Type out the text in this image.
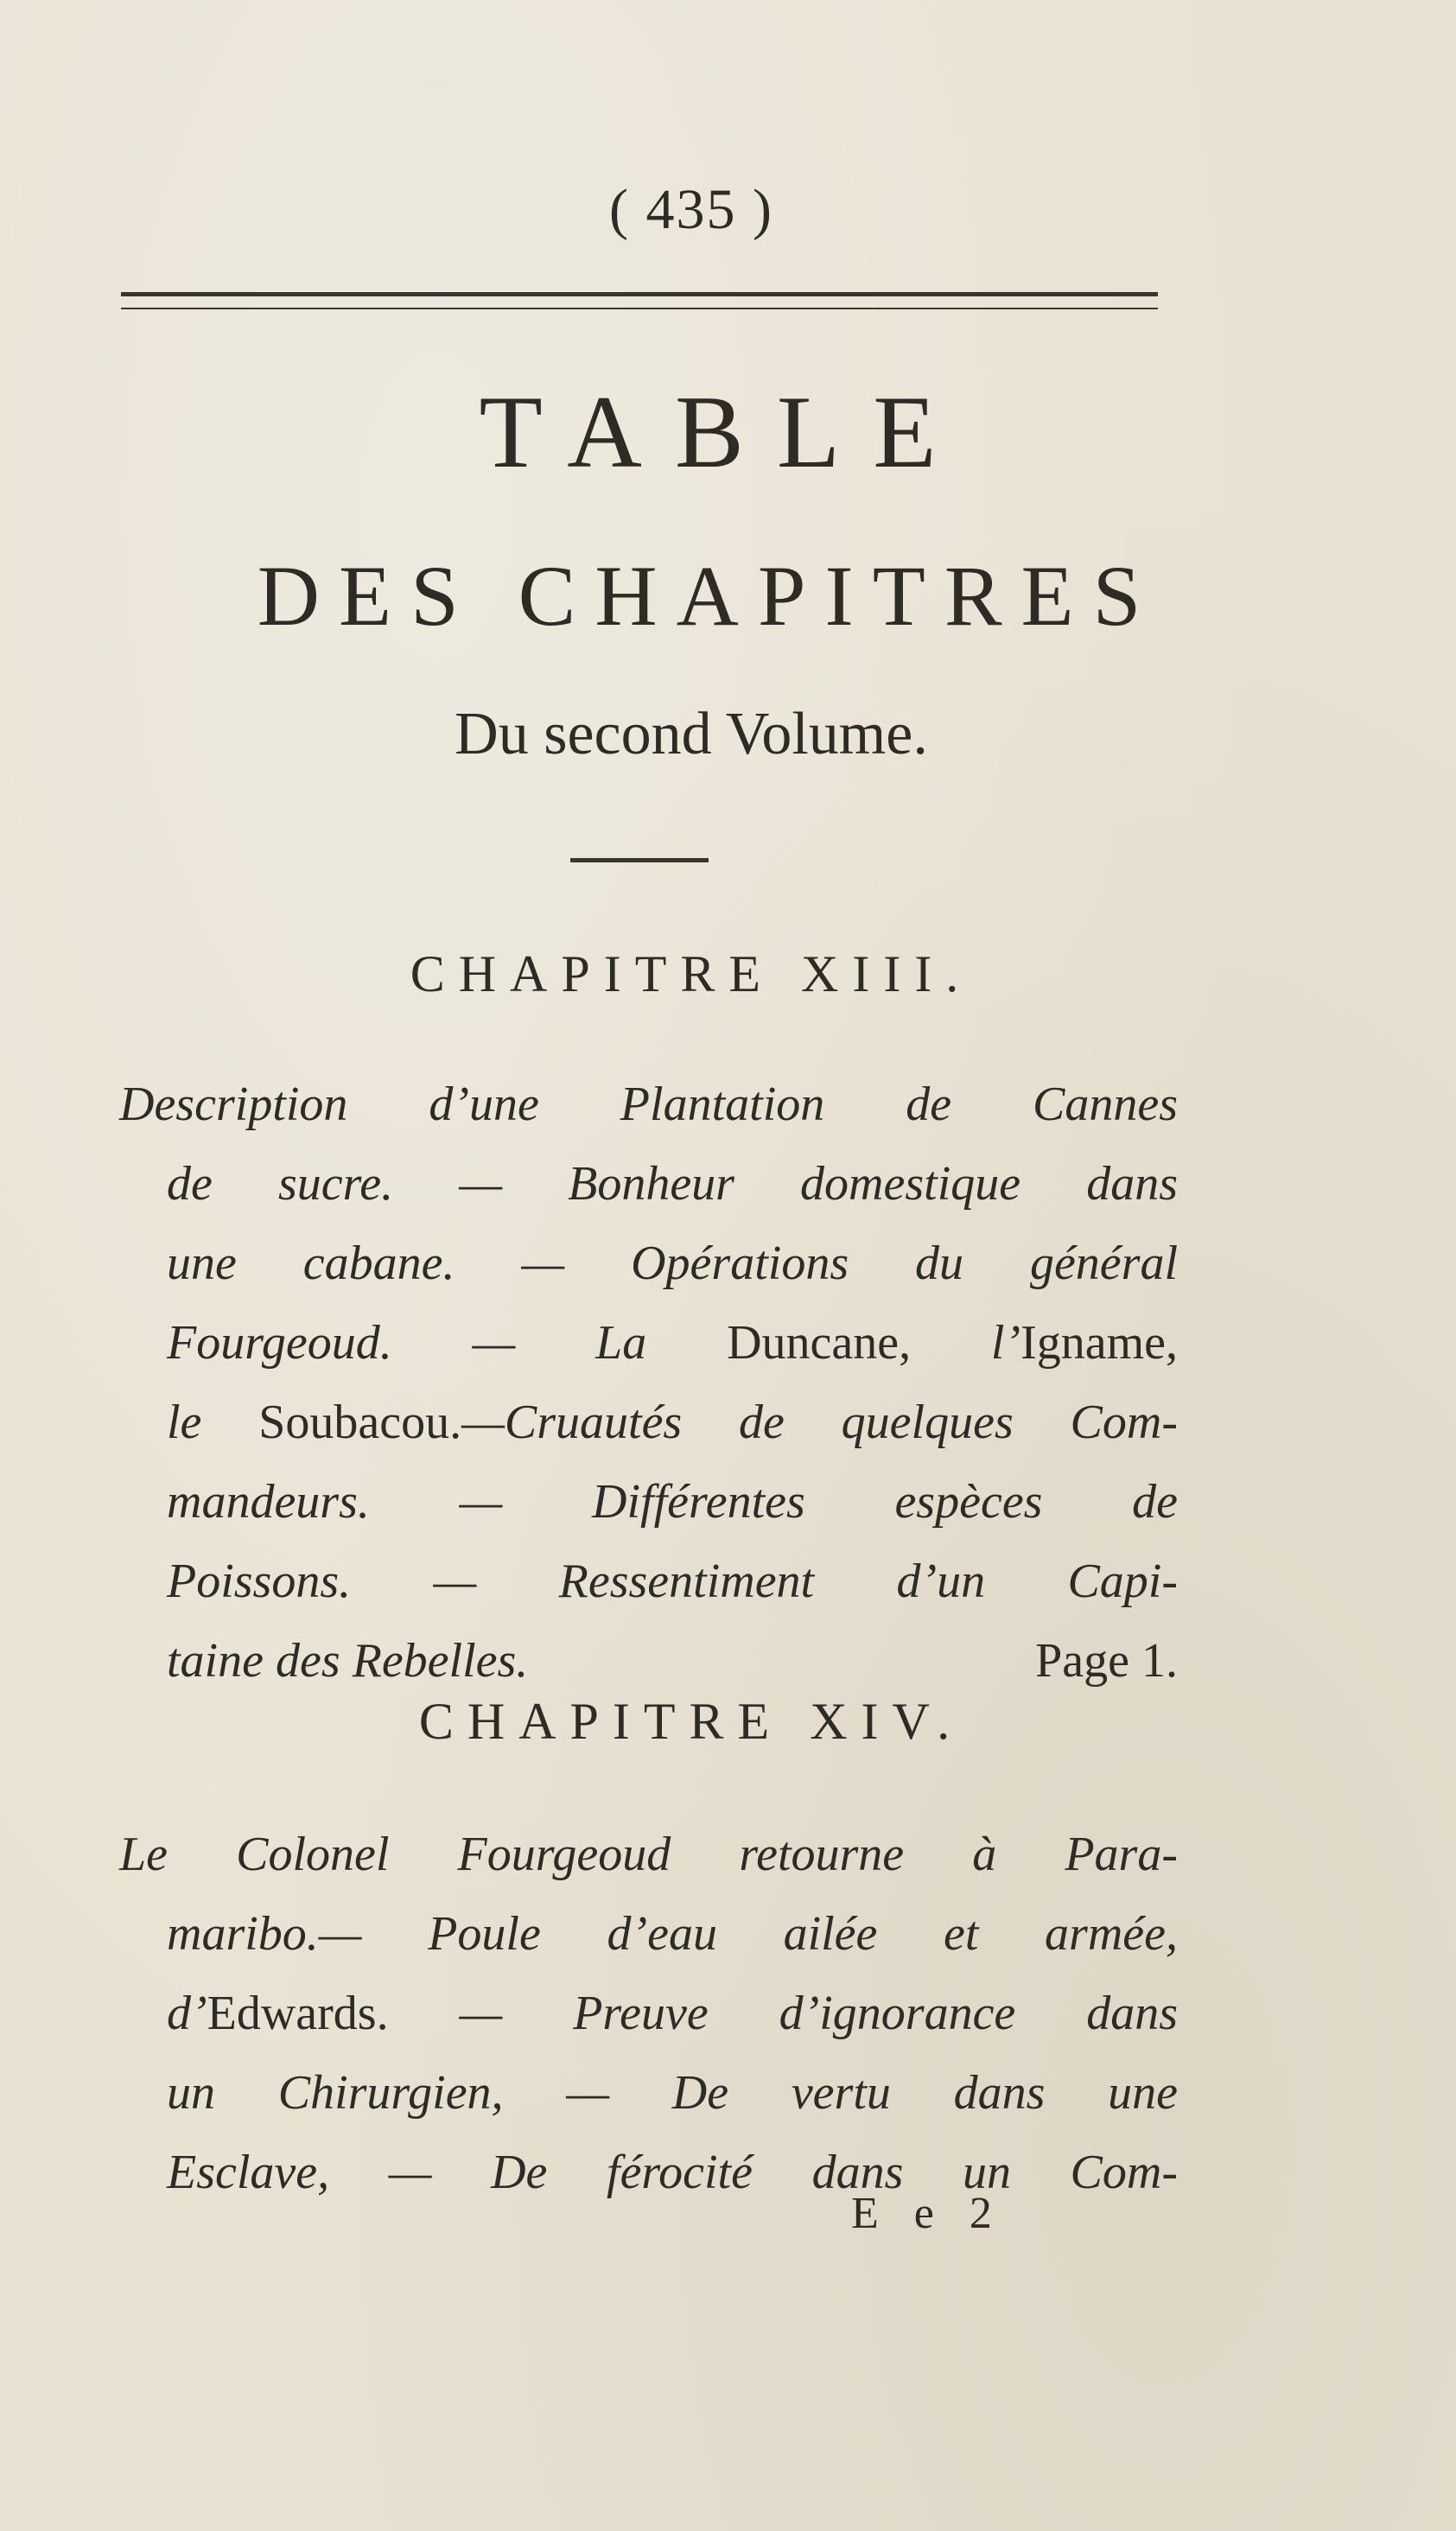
( 435 )
TABLE
DES CHAPITRES
Du second Volume.
CHAPITRE XIII.
Description d’une Plantation de Cannes
de sucre. — Bonheur domestique dans
une cabane. — Opérations du général
Fourgeoud. — La Duncane, l’Igname,
le Soubacou.—Cruautés de quelques Com-
mandeurs. — Différentes espèces de
Poissons. — Ressentiment d’un Capi-
taine des Rebelles.	Page 1.
CHAPITRE XIV.
Le Colonel Fourgeoud retourne à Para-
maribo.— Poule d’eau ailée et armée,
d’Edwards. — Preuve d’ignorance dans
un Chirurgien, — De vertu dans une
Esclave, — De férocité dans un Com-
E e 2
